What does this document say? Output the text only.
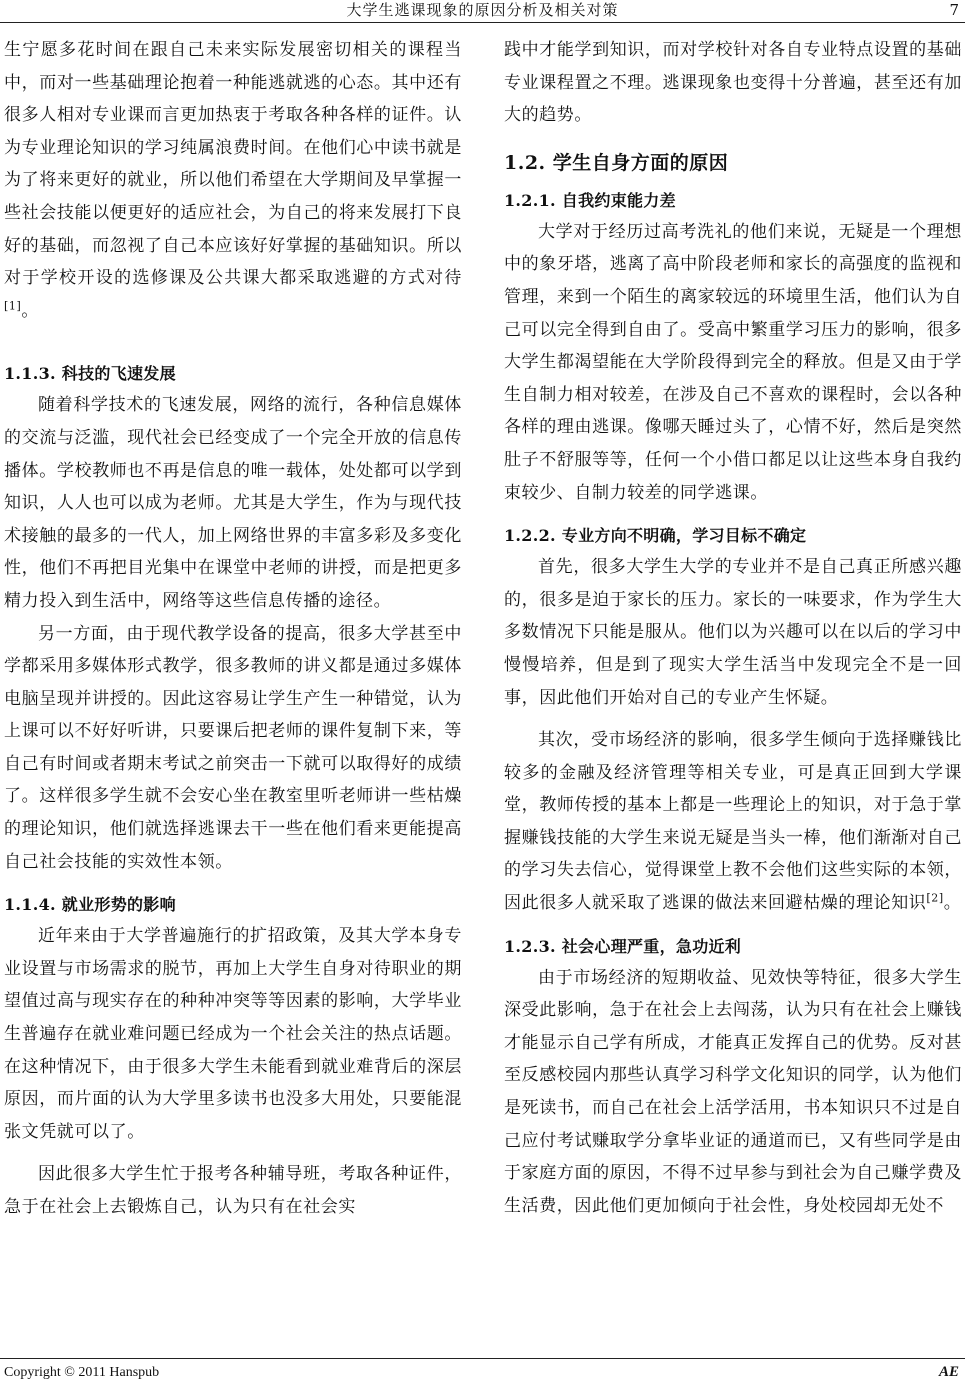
大学生逃课现象的原因分析及相关对策	7

生宁愿多花时间在跟自己未来实际发展密切相关的课程当中，而对一些基础理论抱着一种能逃就逃的心态。其中还有很多人相对专业课而言更加热衷于考取各种各样的证件。认为专业理论知识的学习纯属浪费时间。在他们心中读书就是为了将来更好的就业，所以他们希望在大学期间及早掌握一些社会技能以便更好的适应社会，为自己的将来发展打下良好的基础，而忽视了自己本应该好好掌握的基础知识。所以对于学校开设的选修课及公共课大都采取逃避的方式对待[1]。

1.1.3. 科技的飞速发展

随着科学技术的飞速发展，网络的流行，各种信息媒体的交流与泛滥，现代社会已经变成了一个完全开放的信息传播体。学校教师也不再是信息的唯一载体，处处都可以学到知识，人人也可以成为老师。尤其是大学生，作为与现代技术接触的最多的一代人，加上网络世界的丰富多彩及多变化性，他们不再把目光集中在课堂中老师的讲授，而是把更多精力投入到生活中，网络等这些信息传播的途径。

另一方面，由于现代教学设备的提高，很多大学甚至中学都采用多媒体形式教学，很多教师的讲义都是通过多媒体电脑呈现并讲授的。因此这容易让学生产生一种错觉，认为上课可以不好好听讲，只要课后把老师的课件复制下来，等自己有时间或者期末考试之前突击一下就可以取得好的成绩了。这样很多学生就不会安心坐在教室里听老师讲一些枯燥的理论知识，他们就选择逃课去干一些在他们看来更能提高自己社会技能的实效性本领。

1.1.4. 就业形势的影响

近年来由于大学普遍施行的扩招政策，及其大学本身专业设置与市场需求的脱节，再加上大学生自身对待职业的期望值过高与现实存在的种种冲突等等因素的影响，大学毕业生普遍存在就业难问题已经成为一个社会关注的热点话题。在这种情况下，由于很多大学生未能看到就业难背后的深层原因，而片面的认为大学里多读书也没多大用处，只要能混张文凭就可以了。

因此很多大学生忙于报考各种辅导班，考取各种证件，急于在社会上去锻炼自己，认为只有在社会实

践中才能学到知识，而对学校针对各自专业特点设置的基础专业课程置之不理。逃课现象也变得十分普遍，甚至还有加大的趋势。

1.2. 学生自身方面的原因
1.2.1. 自我约束能力差

大学对于经历过高考洗礼的他们来说，无疑是一个理想中的象牙塔，逃离了高中阶段老师和家长的高强度的监视和管理，来到一个陌生的离家较远的环境里生活，他们认为自己可以完全得到自由了。受高中繁重学习压力的影响，很多大学生都渴望能在大学阶段得到完全的释放。但是又由于学生自制力相对较差，在涉及自己不喜欢的课程时，会以各种各样的理由逃课。像哪天睡过头了，心情不好，然后是突然肚子不舒服等等，任何一个小借口都足以让这些本身自我约束较少、自制力较差的同学逃课。

1.2.2. 专业方向不明确，学习目标不确定

首先，很多大学生大学的专业并不是自己真正所感兴趣的，很多是迫于家长的压力。家长的一味要求，作为学生大多数情况下只能是服从。他们以为兴趣可以在以后的学习中慢慢培养，但是到了现实大学生活当中发现完全不是一回事，因此他们开始对自己的专业产生怀疑。

其次，受市场经济的影响，很多学生倾向于选择赚钱比较多的金融及经济管理等相关专业，可是真正回到大学课堂，教师传授的基本上都是一些理论上的知识，对于急于掌握赚钱技能的大学生来说无疑是当头一棒，他们渐渐对自己的学习失去信心，觉得课堂上教不会他们这些实际的本领，因此很多人就采取了逃课的做法来回避枯燥的理论知识[2]。

1.2.3. 社会心理严重，急功近利

由于市场经济的短期收益、见效快等特征，很多大学生深受此影响，急于在社会上去闯荡，认为只有在社会上赚钱才能显示自己学有所成，才能真正发挥自己的优势。反对甚至反感校园内那些认真学习科学文化知识的同学，认为他们是死读书，而自己在社会上活学活用，书本知识只不过是自己应付考试赚取学分拿毕业证的通道而已，又有些同学是由于家庭方面的原因，不得不过早参与到社会为自己赚学费及生活费，因此他们更加倾向于社会性，身处校园却无处不

Copyright © 2011 Hanspub	AE
